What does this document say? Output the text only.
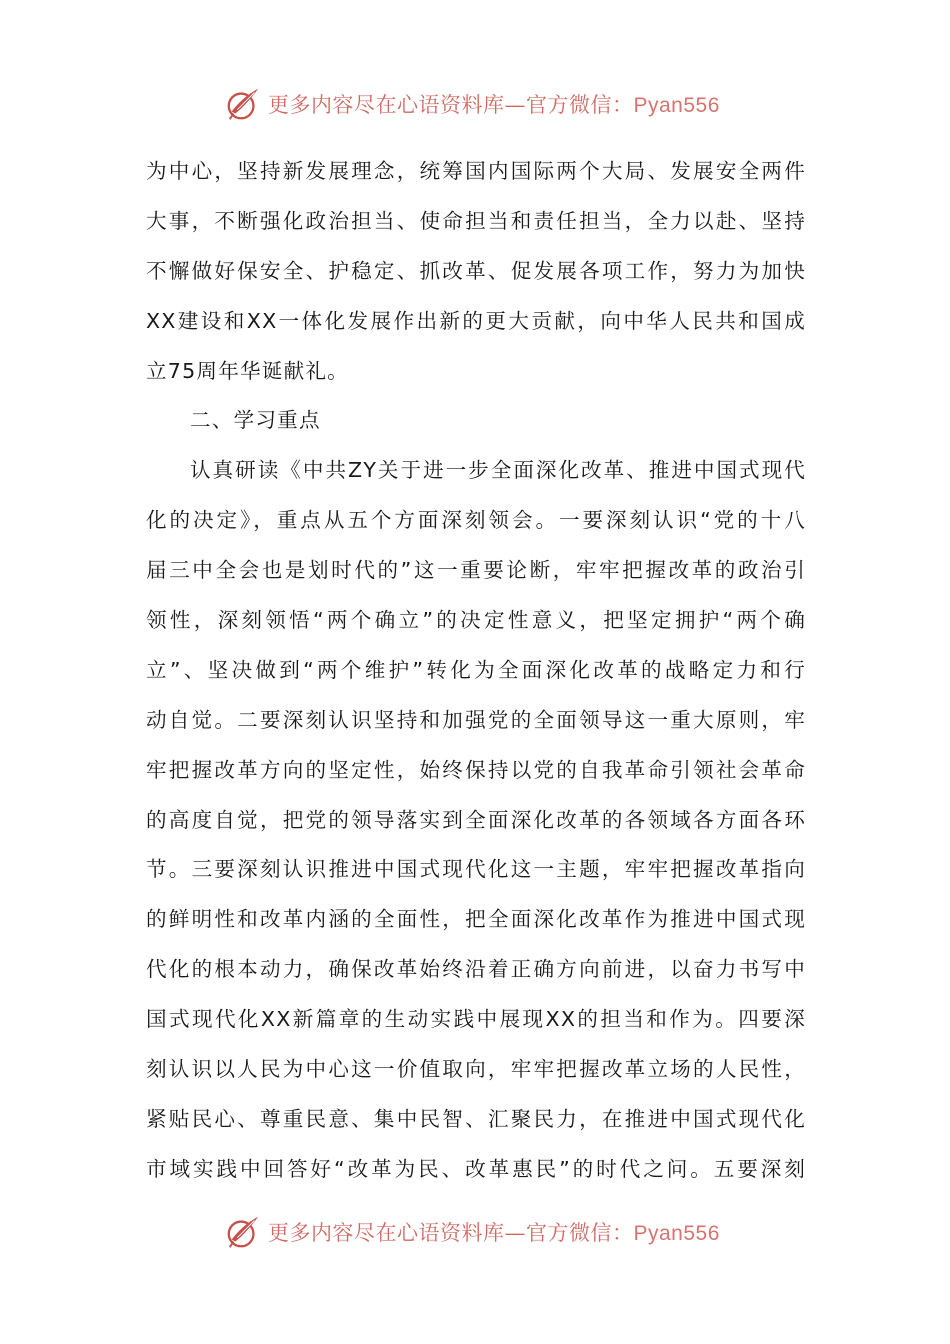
更多内容尽在心语资料库—官方微信：Pyan556
为中心，坚持新发展理念，统筹国内国际两个大局、发展安全两件
大事，不断强化政治担当、使命担当和责任担当，全力以赴、坚持
不懈做好保安全、护稳定、抓改革、促发展各项工作，努力为加快
XX建设和XX一体化发展作出新的更大贡献，向中华人民共和国成
立75周年华诞献礼。
二、学习重点
认真研读《中共ZY关于进一步全面深化改革、推进中国式现代
化的决定》，重点从五个方面深刻领会。一要深刻认识“党的十八
届三中全会也是划时代的”这一重要论断，牢牢把握改革的政治引
领性，深刻领悟“两个确立”的决定性意义，把坚定拥护“两个确
立”、坚决做到“两个维护”转化为全面深化改革的战略定力和行
动自觉。二要深刻认识坚持和加强党的全面领导这一重大原则，牢
牢把握改革方向的坚定性，始终保持以党的自我革命引领社会革命
的高度自觉，把党的领导落实到全面深化改革的各领域各方面各环
节。三要深刻认识推进中国式现代化这一主题，牢牢把握改革指向
的鲜明性和改革内涵的全面性，把全面深化改革作为推进中国式现
代化的根本动力，确保改革始终沿着正确方向前进，以奋力书写中
国式现代化XX新篇章的生动实践中展现XX的担当和作为。四要深
刻认识以人民为中心这一价值取向，牢牢把握改革立场的人民性，
紧贴民心、尊重民意、集中民智、汇聚民力，在推进中国式现代化
市域实践中回答好“改革为民、改革惠民”的时代之问。五要深刻
更多内容尽在心语资料库—官方微信：Pyan556
